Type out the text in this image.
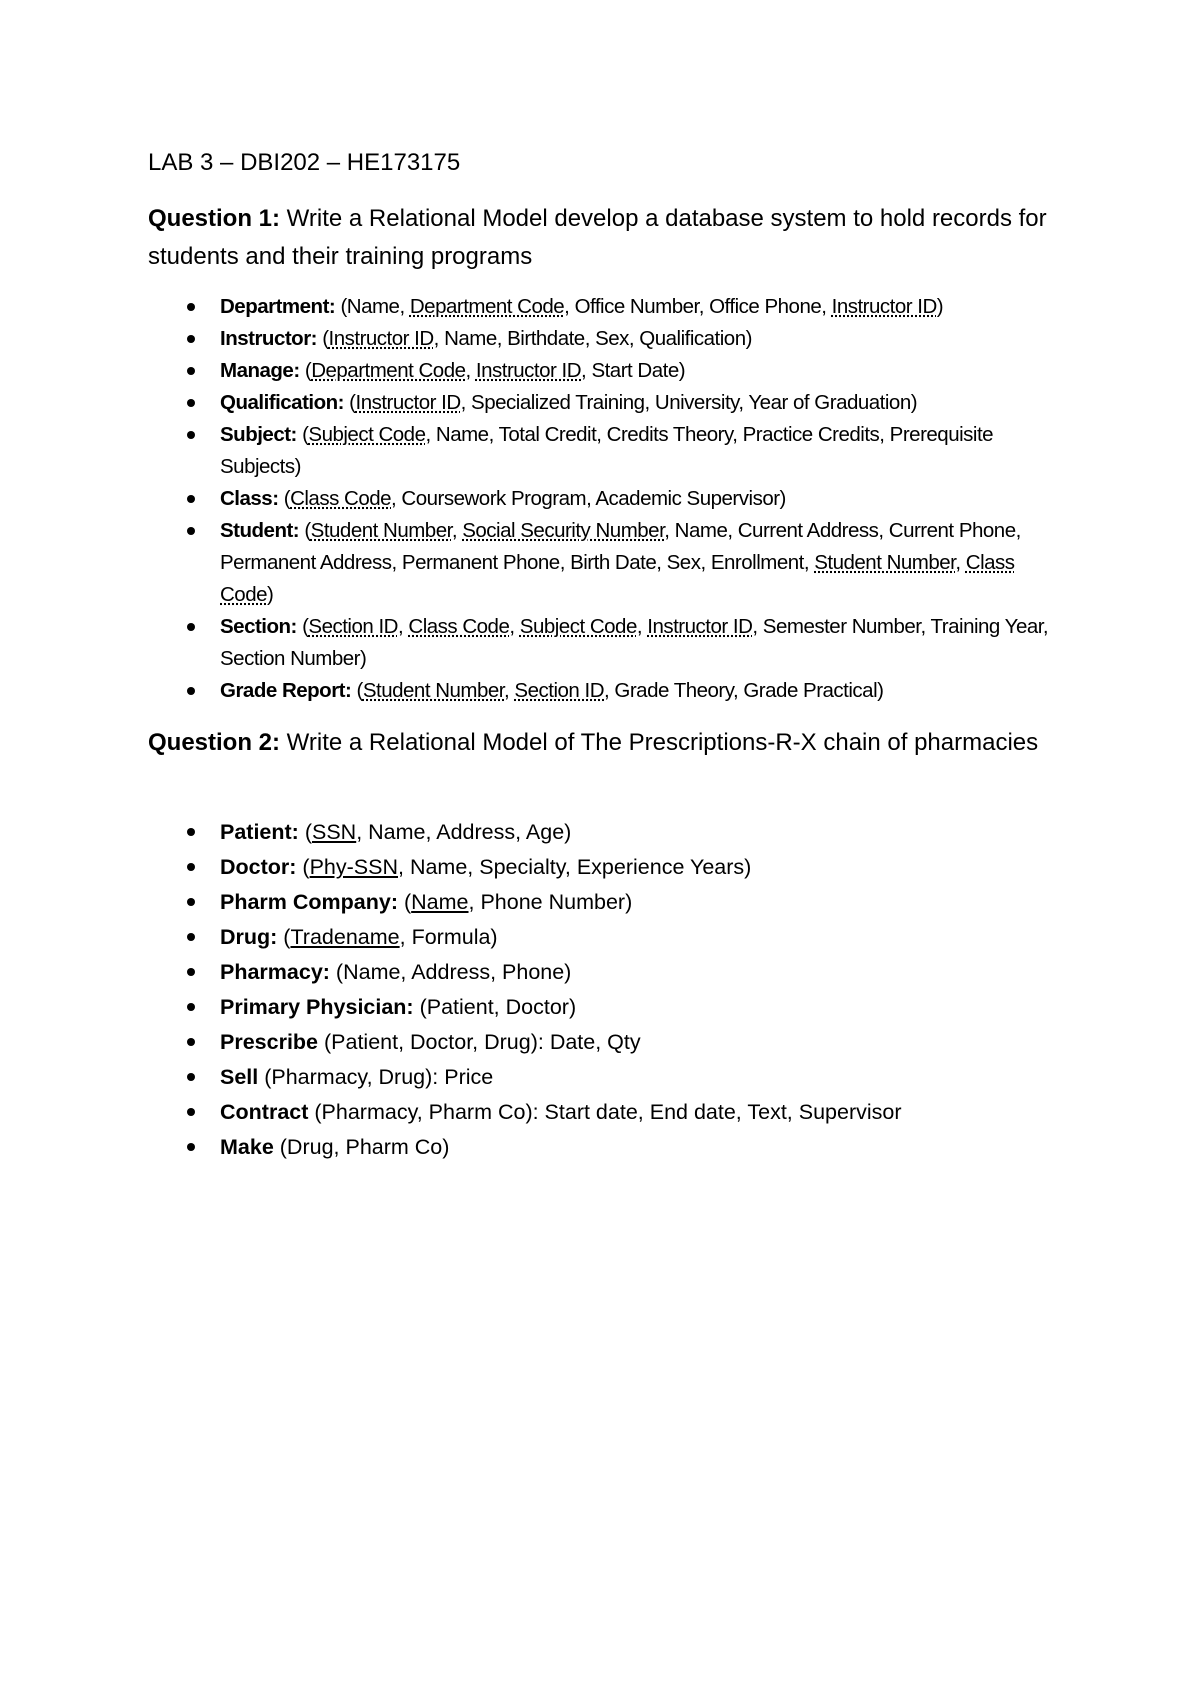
LAB 3 – DBI202 – HE173175
Question 1: Write a Relational Model develop a database system to hold records for students and their training programs
Department: (Name, Department Code, Office Number, Office Phone, Instructor ID)
Instructor: (Instructor ID, Name, Birthdate, Sex, Qualification)
Manage: (Department Code, Instructor ID, Start Date)
Qualification: (Instructor ID, Specialized Training, University, Year of Graduation)
Subject: (Subject Code, Name, Total Credit, Credits Theory, Practice Credits, Prerequisite Subjects)
Class: (Class Code, Coursework Program, Academic Supervisor)
Student: (Student Number, Social Security Number, Name, Current Address, Current Phone, Permanent Address, Permanent Phone, Birth Date, Sex, Enrollment, Student Number, Class Code)
Section: (Section ID, Class Code, Subject Code, Instructor ID, Semester Number, Training Year, Section Number)
Grade Report: (Student Number, Section ID, Grade Theory, Grade Practical)
Question 2: Write a Relational Model of The Prescriptions-R-X chain of pharmacies
Patient: (SSN, Name, Address, Age)
Doctor: (Phy-SSN, Name, Specialty, Experience Years)
Pharm Company: (Name, Phone Number)
Drug: (Tradename, Formula)
Pharmacy: (Name, Address, Phone)
Primary Physician: (Patient, Doctor)
Prescribe (Patient, Doctor, Drug): Date, Qty
Sell (Pharmacy, Drug): Price
Contract (Pharmacy, Pharm Co): Start date, End date, Text, Supervisor
Make (Drug, Pharm Co)
